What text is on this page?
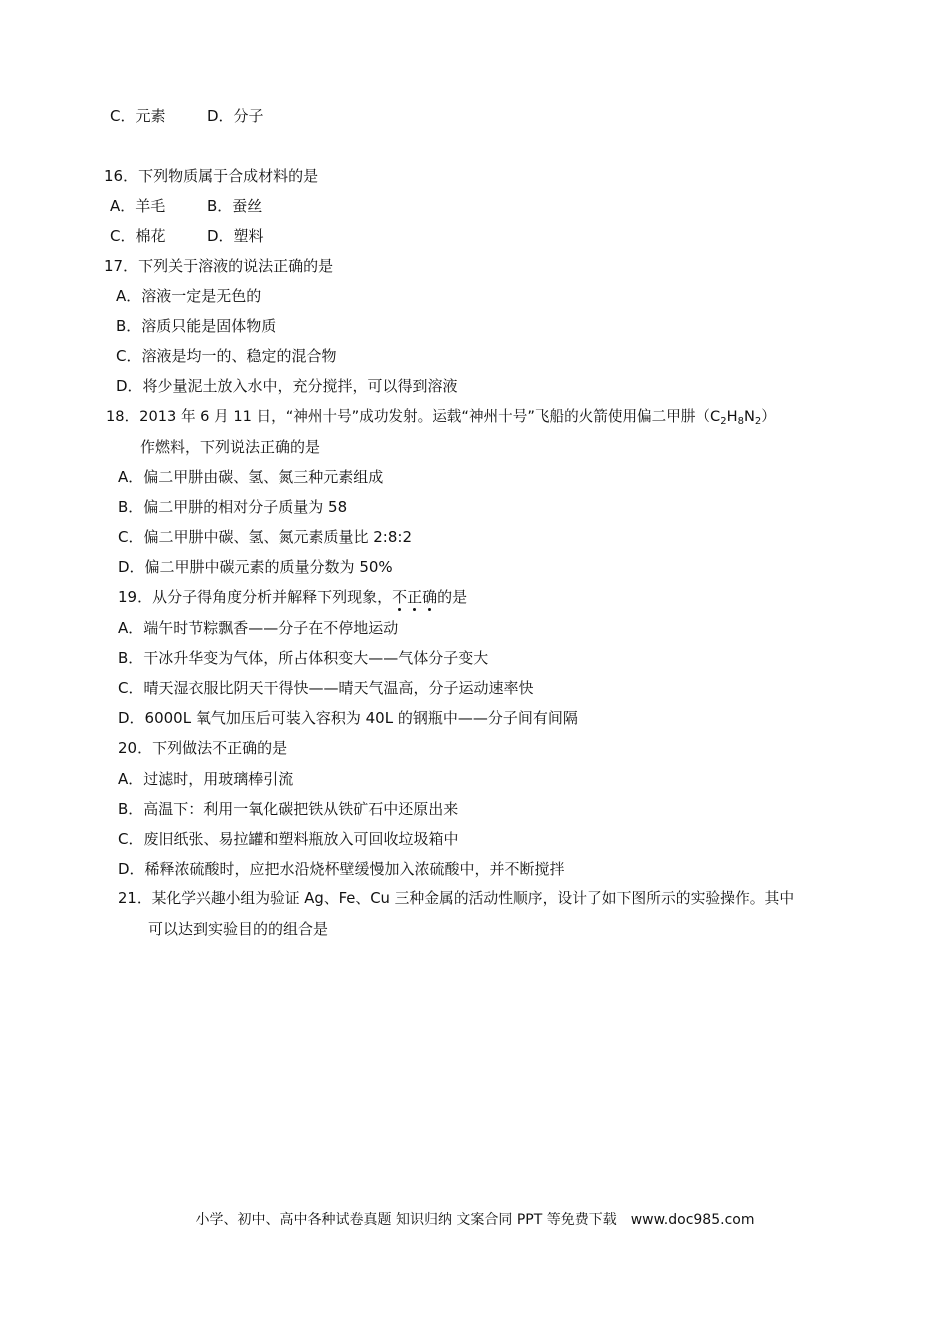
C．元素	D．分子
16．下列物质属于合成材料的是
A．羊毛	B．蚕丝
C．棉花	D．塑料
17．下列关于溶液的说法正确的是
A．溶液一定是无色的
B．溶质只能是固体物质
C．溶液是均一的、稳定的混合物
D．将少量泥土放入水中，充分搅拌，可以得到溶液
18．2013 年 6 月 11 日，“神州十号”成功发射。运载“神州十号”飞船的火箭使用偏二甲肼$(C_2H_8N_2)$
作燃料，下列说法正确的是
A．偏二甲肼由碳、氢、氮三种元素组成
B．偏二甲肼的相对分子质量为 58
C．偏二甲肼中碳、氢、氮元素质量比 2:8:2
D．偏二甲肼中碳元素的质量分数为 50%
19．从分子得角度分析并解释下列现象，不正确的是
A．端午时节粽飘香——分子在不停地运动
B．干冰升华变为气体，所占体积变大——气体分子变大
C．晴天湿衣服比阴天干得快——晴天气温高，分子运动速率快
D．6000L 氧气加压后可装入容积为 40L 的钢瓶中——分子间有间隔
20．下列做法不正确的是
A．过滤时，用玻璃棒引流
B．高温下：利用一氧化碳把铁从铁矿石中还原出来
C．废旧纸张、易拉罐和塑料瓶放入可回收垃圾箱中
D．稀释浓硫酸时，应把水沿烧杯壁缓慢加入浓硫酸中，并不断搅拌
21．某化学兴趣小组为验证 Ag、Fe、Cu 三种金属的活动性顺序，设计了如下图所示的实验操作。其中
可以达到实验目的的组合是
小学、初中、高中各种试卷真题 知识归纳 文案合同 PPT 等免费下载　www.doc985.com
